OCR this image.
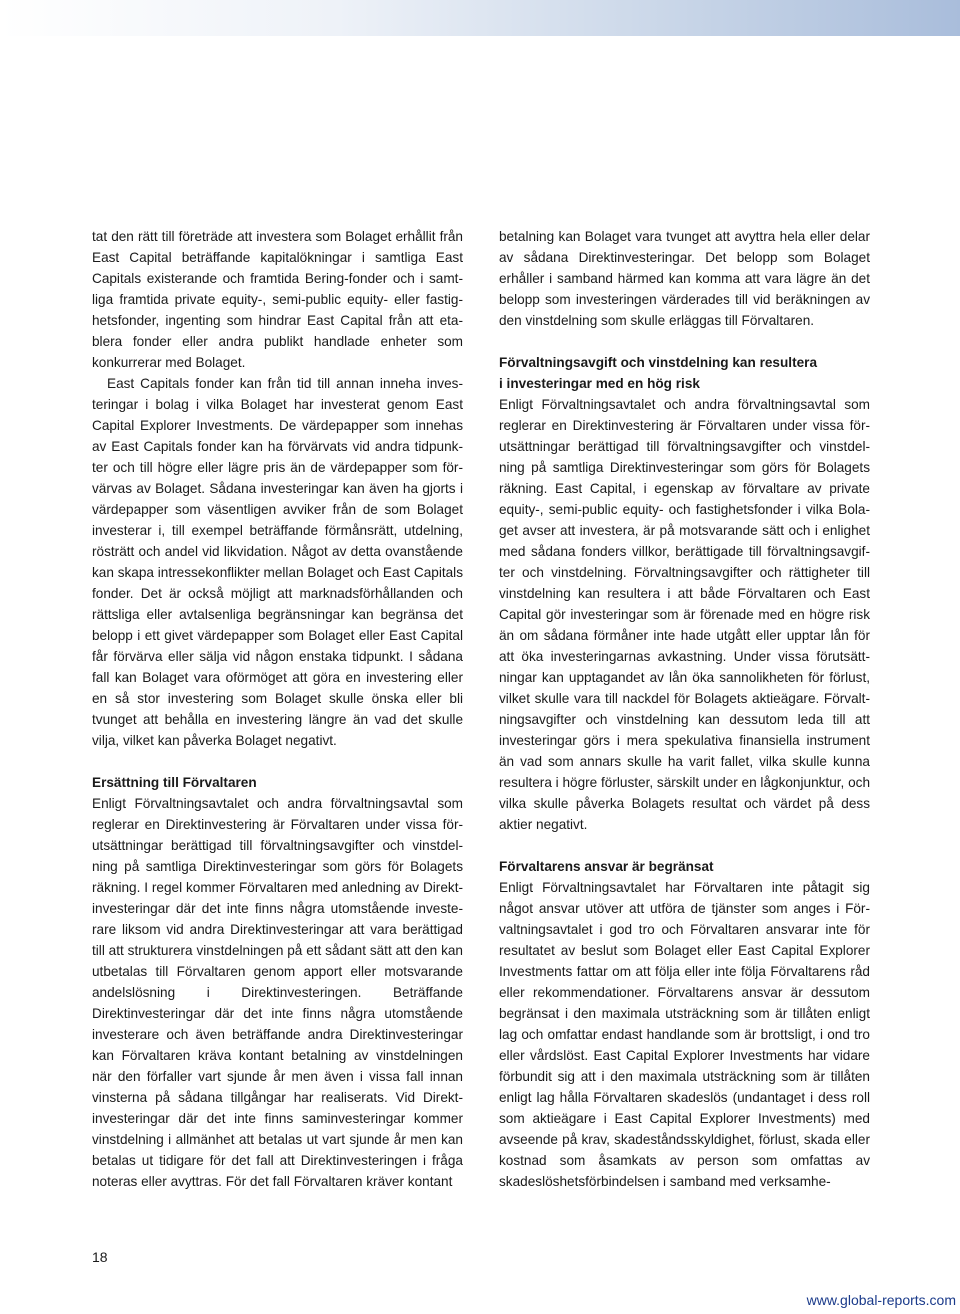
tat den rätt till företräde att investera som Bolaget erhållit från East Capital beträffande kapitalökningar i samtliga East Capitals existerande och framtida Bering-fonder och i samtliga framtida private equity-, semi-public equity- eller fastighetsfonder, ingenting som hindrar East Capital från att etablera fonder eller andra publikt handlade enheter som konkurrerar med Bolaget.

East Capitals fonder kan från tid till annan inneha investeringar i bolag i vilka Bolaget har investerat genom East Capital Explorer Investments. De värdepapper som innehas av East Capitals fonder kan ha förvärvats vid andra tidpunkter och till högre eller lägre pris än de värdepapper som förvärvas av Bolaget. Sådana investeringar kan även ha gjorts i värdepapper som väsentligen avviker från de som Bolaget investerar i, till exempel beträffande förmånsrätt, utdelning, rösträtt och andel vid likvidation. Något av detta ovanstående kan skapa intressekonflikter mellan Bolaget och East Capitals fonder. Det är också möjligt att marknadsförhållanden och rättsliga eller avtalsenliga begränsningar kan begränsa det belopp i ett givet värdepapper som Bolaget eller East Capital får förvärva eller sälja vid någon enstaka tidpunkt. I sådana fall kan Bolaget vara oförmöget att göra en investering eller en så stor investering som Bolaget skulle önska eller bli tvunget att behålla en investering längre än vad det skulle vilja, vilket kan påverka Bolaget negativt.

Ersättning till Förvaltaren

Enligt Förvaltningsavtalet och andra förvaltningsavtal som reglerar en Direktinvestering är Förvaltaren under vissa förutsättningar berättigad till förvaltningsavgifter och vinstdelning på samtliga Direktinvesteringar som görs för Bolagets räkning. I regel kommer Förvaltaren med anledning av Direktinvesteringar där det inte finns några utomstående investerare liksom vid andra Direktinvesteringar att vara berättigad till att strukturera vinstdelningen på ett sådant sätt att den kan utbetalas till Förvaltaren genom apport eller motsvarande andelslösning i Direktinvesteringen. Beträffande Direktinvesteringar där det inte finns några utomstående investerare och även beträffande andra Direktinvesteringar kan Förvaltaren kräva kontant betalning av vinstdelningen när den förfaller vart sjunde år men även i vissa fall innan vinsterna på sådana tillgångar har realiserats. Vid Direktinvesteringar där det inte finns saminvesteringar kommer vinstdelning i allmänhet att betalas ut vart sjunde år men kan betalas ut tidigare för det fall att Direktinvesteringen i fråga noteras eller avyttras. För det fall Förvaltaren kräver kontant

betalning kan Bolaget vara tvunget att avyttra hela eller delar av sådana Direktinvesteringar. Det belopp som Bolaget erhåller i samband härmed kan komma att vara lägre än det belopp som investeringen värderades till vid beräkningen av den vinstdelning som skulle erläggas till Förvaltaren.

Förvaltningsavgift och vinstdelning kan resultera
i investeringar med en hög risk

Enligt Förvaltningsavtalet och andra förvaltningsavtal som reglerar en Direktinvestering är Förvaltaren under vissa förutsättningar berättigad till förvaltningsavgifter och vinstdelning på samtliga Direktinvesteringar som görs för Bolagets räkning. East Capital, i egenskap av förvaltare av private equity-, semi-public equity- och fastighetsfonder i vilka Bolaget avser att investera, är på motsvarande sätt och i enlighet med sådana fonders villkor, berättigade till förvaltningsavgifter och vinstdelning. Förvaltningsavgifter och rättigheter till vinstdelning kan resultera i att både Förvaltaren och East Capital gör investeringar som är förenade med en högre risk än om sådana förmåner inte hade utgått eller upptar lån för att öka investeringarnas avkastning. Under vissa förutsättningar kan upptagandet av lån öka sannolikheten för förlust, vilket skulle vara till nackdel för Bolagets aktieägare. Förvaltningsavgifter och vinstdelning kan dessutom leda till att investeringar görs i mera spekulativa finansiella instrument än vad som annars skulle ha varit fallet, vilka skulle kunna resultera i högre förluster, särskilt under en lågkonjunktur, och vilka skulle påverka Bolagets resultat och värdet på dess aktier negativt.

Förvaltarens ansvar är begränsat

Enligt Förvaltningsavtalet har Förvaltaren inte påtagit sig något ansvar utöver att utföra de tjänster som anges i Förvaltningsavtalet i god tro och Förvaltaren ansvarar inte för resultatet av beslut som Bolaget eller East Capital Explorer Investments fattar om att följa eller inte följa Förvaltarens råd eller rekommendationer. Förvaltarens ansvar är dessutom begränsat i den maximala utsträckning som är tillåten enligt lag och omfattar endast handlande som är brottsligt, i ond tro eller vårdslöst. East Capital Explorer Investments har vidare förbundit sig att i den maximala utsträckning som är tillåten enligt lag hålla Förvaltaren skadeslös (undantaget i dess roll som aktieägare i East Capital Explorer Investments) med avseende på krav, skadeståndsskyldighet, förlust, skada eller kostnad som åsamkats av person som omfattas av skadeslöshetsförbindelsen i samband med verksamhe-

18
www.global-reports.com
